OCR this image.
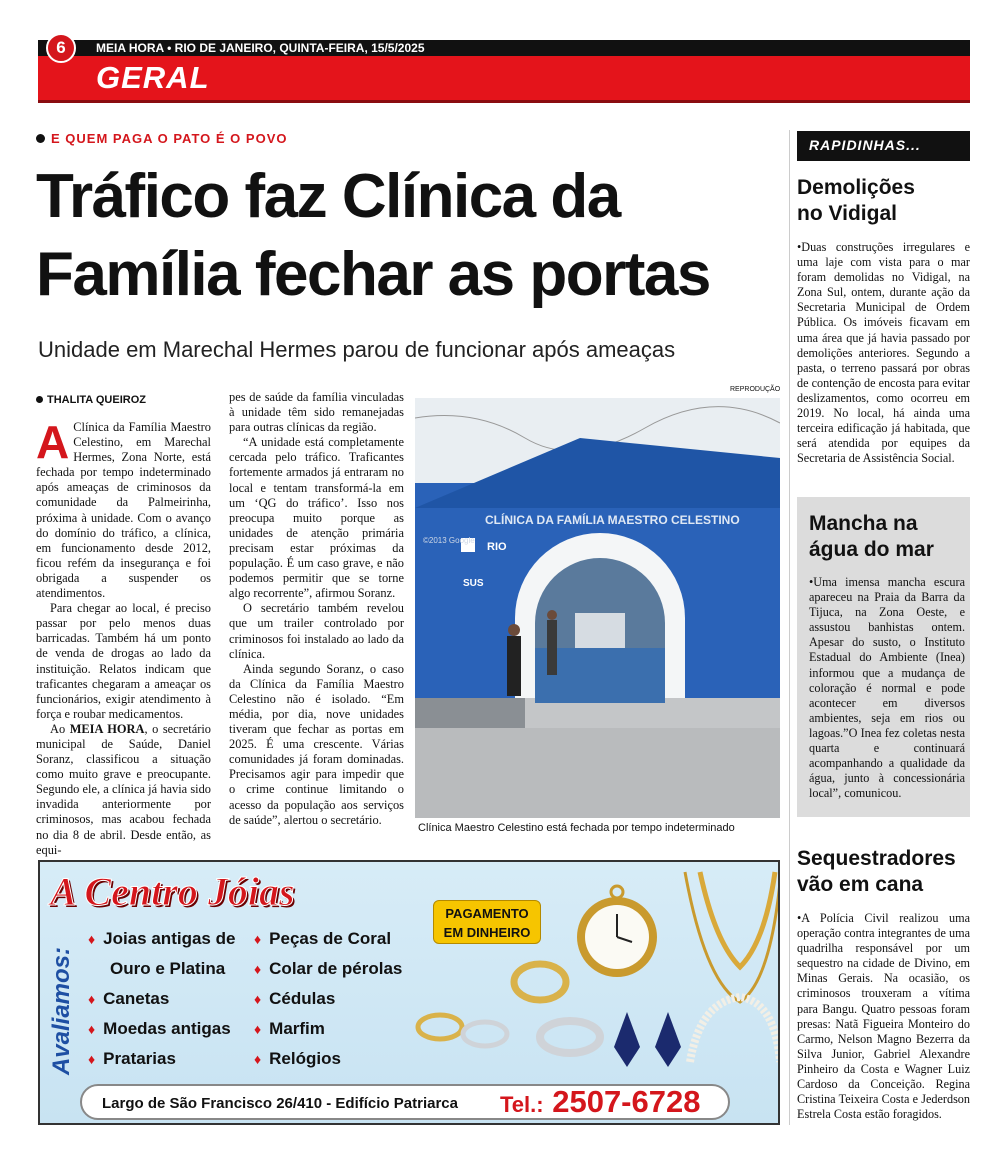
6	MEIA HORA • RIO DE JANEIRO, QUINTA-FEIRA, 15/5/2025
GERAL
E QUEM PAGA O PATO É O POVO
Tráfico faz Clínica da
Família fechar as portas
Unidade em Marechal Hermes parou de funcionar após ameaças
THALITA QUEIROZ

A Clínica da Família Maestro Celestino, em Marechal Hermes, Zona Norte, está fechada por tempo indeterminado após ameaças de criminosos da comunidade da Palmeirinha, próxima à unidade. Com o avanço do domínio do tráfico, a clínica, em funcionamento desde 2012, ficou refém da insegurança e foi obrigada a suspender os atendimentos.

Para chegar ao local, é preciso passar por pelo menos duas barricadas. Também há um ponto de venda de drogas ao lado da instituição. Relatos indicam que traficantes chegaram a ameaçar os funcionários, exigir atendimento à força e roubar medicamentos.

Ao MEIA HORA, o secretário municipal de Saúde, Daniel Soranz, classificou a situação como muito grave e preocupante. Segundo ele, a clínica já havia sido invadida anteriormente por criminosos, mas acabou fechada no dia 8 de abril. Desde então, as equi-

pes de saúde da família vinculadas à unidade têm sido remanejadas para outras clínicas da região.

“A unidade está completamente cercada pelo tráfico. Traficantes fortemente armados já entraram no local e tentam transformá-la em um ‘QG do tráfico’. Isso nos preocupa muito porque as unidades de atenção primária precisam estar próximas da população. É um caso grave, e não podemos permitir que se torne algo recorrente”, afirmou Soranz.

O secretário também revelou que um trailer controlado por criminosos foi instalado ao lado da clínica.

Ainda segundo Soranz, o caso da Clínica da Família Maestro Celestino não é isolado. “Em média, por dia, nove unidades tiveram que fechar as portas em 2025. É uma crescente. Várias comunidades já foram dominadas. Precisamos agir para impedir que o crime continue limitando o acesso da população aos serviços de saúde”, alertou o secretário.

REPRODUÇÃO
CLÍNICA DA FAMÍLIA MAESTRO CELESTINO
RIO
SUS
©2013 Google
Clínica Maestro Celestino está fechada por tempo indeterminado
RAPIDINHAS...
Demolições
no Vidigal
•Duas construções irregulares e uma laje com vista para o mar foram demolidas no Vidigal, na Zona Sul, ontem, durante ação da Secretaria Municipal de Ordem Pública. Os imóveis ficavam em uma área que já havia passado por demolições anteriores. Segundo a pasta, o terreno passará por obras de contenção de encosta para evitar deslizamentos, como ocorreu em 2019. No local, há ainda uma terceira edificação já habitada, que será atendida por equipes da Secretaria de Assistência Social.
Mancha na
água do mar
•Uma imensa mancha escura apareceu na Praia da Barra da Tijuca, na Zona Oeste, e assustou banhistas ontem. Apesar do susto, o Instituto Estadual do Ambiente (Inea) informou que a mudança de coloração é normal e pode acontecer em diversos ambientes, seja em rios ou lagoas.”O Inea fez coletas nesta quarta e continuará acompanhando a qualidade da água, junto à concessionária local”, comunicou.
Sequestradores
vão em cana
•A Polícia Civil realizou uma operação contra integrantes de uma quadrilha responsável por um sequestro na cidade de Divino, em Minas Gerais. Na ocasião, os criminosos trouxeram a vítima para Bangu. Quatro pessoas foram presas: Natã Figueira Monteiro do Carmo, Nelson Magno Bezerra da Silva Junior, Gabriel Alexandre Pinheiro da Costa e Wagner Luiz Cardoso da Conceição. Regina Cristina Teixeira Costa e Jederdson Estrela Costa estão foragidos.
A Centro Jóias
Avaliamos:
♦ Joias antigas de
Ouro e Platina
♦ Canetas
♦ Moedas antigas
♦ Pratarias
♦ Peças de Coral
♦ Colar de pérolas
♦ Cédulas
♦ Marfim
♦ Relógios
PAGAMENTO
EM DINHEIRO
Largo de São Francisco 26/410 - Edifício Patriarca Tel.: 2507-6728
